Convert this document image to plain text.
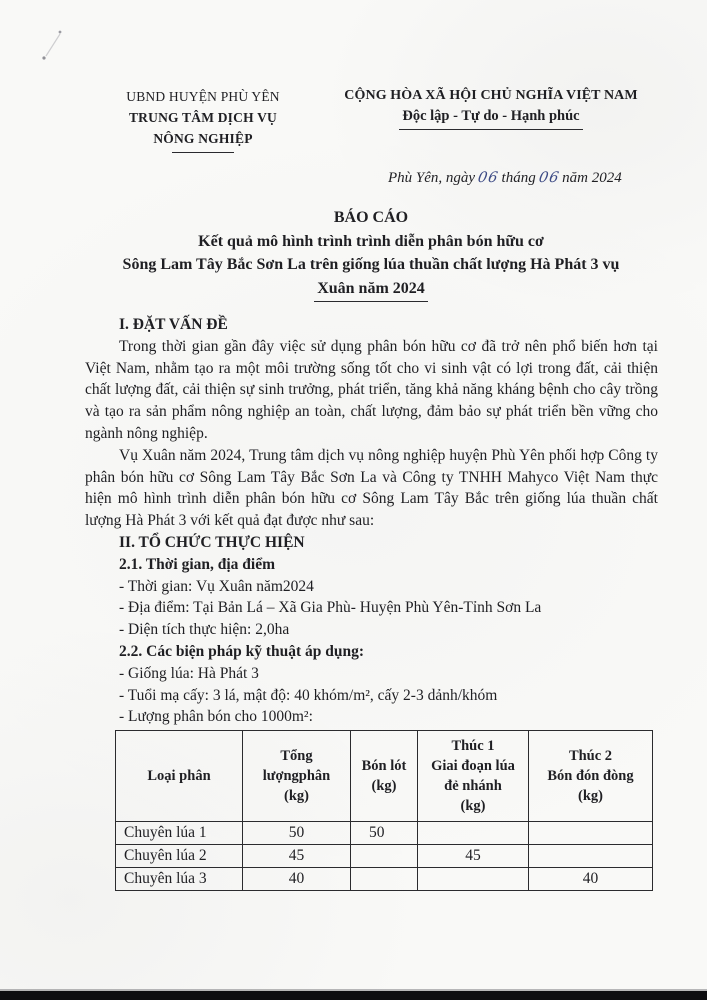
UBND HUYỆN PHÙ YÊN
TRUNG TÂM DỊCH VỤ
NÔNG NGHIỆP
CỘNG HÒA XÃ HỘI CHỦ NGHĨA VIỆT NAM
Độc lập - Tự do - Hạnh phúc
Phù Yên, ngày 06 tháng 06 năm 2024
BÁO CÁO
Kết quả mô hình trình trình diễn phân bón hữu cơ
Sông Lam Tây Bắc Sơn La trên giống lúa thuần chất lượng Hà Phát 3 vụ
Xuân năm 2024
I. ĐẶT VẤN ĐỀ

Trong thời gian gần đây việc sử dụng phân bón hữu cơ đã trở nên phổ biến hơn tại Việt Nam, nhằm tạo ra một môi trường sống tốt cho vi sinh vật có lợi trong đất, cải thiện chất lượng đất, cải thiện sự sinh trưởng, phát triển, tăng khả năng kháng bệnh cho cây trồng và tạo ra sản phẩm nông nghiệp an toàn, chất lượng, đảm bảo sự phát triển bền vững cho ngành nông nghiệp.

Vụ Xuân năm 2024, Trung tâm dịch vụ nông nghiệp huyện Phù Yên phối hợp Công ty phân bón hữu cơ Sông Lam Tây Bắc Sơn La và Công ty TNHH Mahyco Việt Nam thực hiện mô hình trình diễn phân bón hữu cơ Sông Lam Tây Bắc trên giống lúa thuần chất lượng Hà Phát 3 với kết quả đạt được như sau:

II. TỔ CHỨC THỰC HIỆN
2.1. Thời gian, địa điểm
- Thời gian: Vụ Xuân năm2024
- Địa điểm: Tại Bản Lá – Xã Gia Phù- Huyện Phù Yên-Tỉnh Sơn La
- Diện tích thực hiện: 2,0ha
2.2. Các biện pháp kỹ thuật áp dụng:
- Giống lúa: Hà Phát 3
- Tuổi mạ cấy: 3 lá, mật độ: 40 khóm/m², cấy 2-3 dảnh/khóm
- Lượng phân bón cho 1000m²:
Loại phân	Tổng
lượngphân
(kg)	Bón lót
(kg)	Thúc 1
Giai đoạn lúa
đẻ nhánh
(kg)	Thúc 2
Bón đón đòng
(kg)

Chuyên lúa 1	50	50		
Chuyên lúa 2	45		45	
Chuyên lúa 3	40			40
